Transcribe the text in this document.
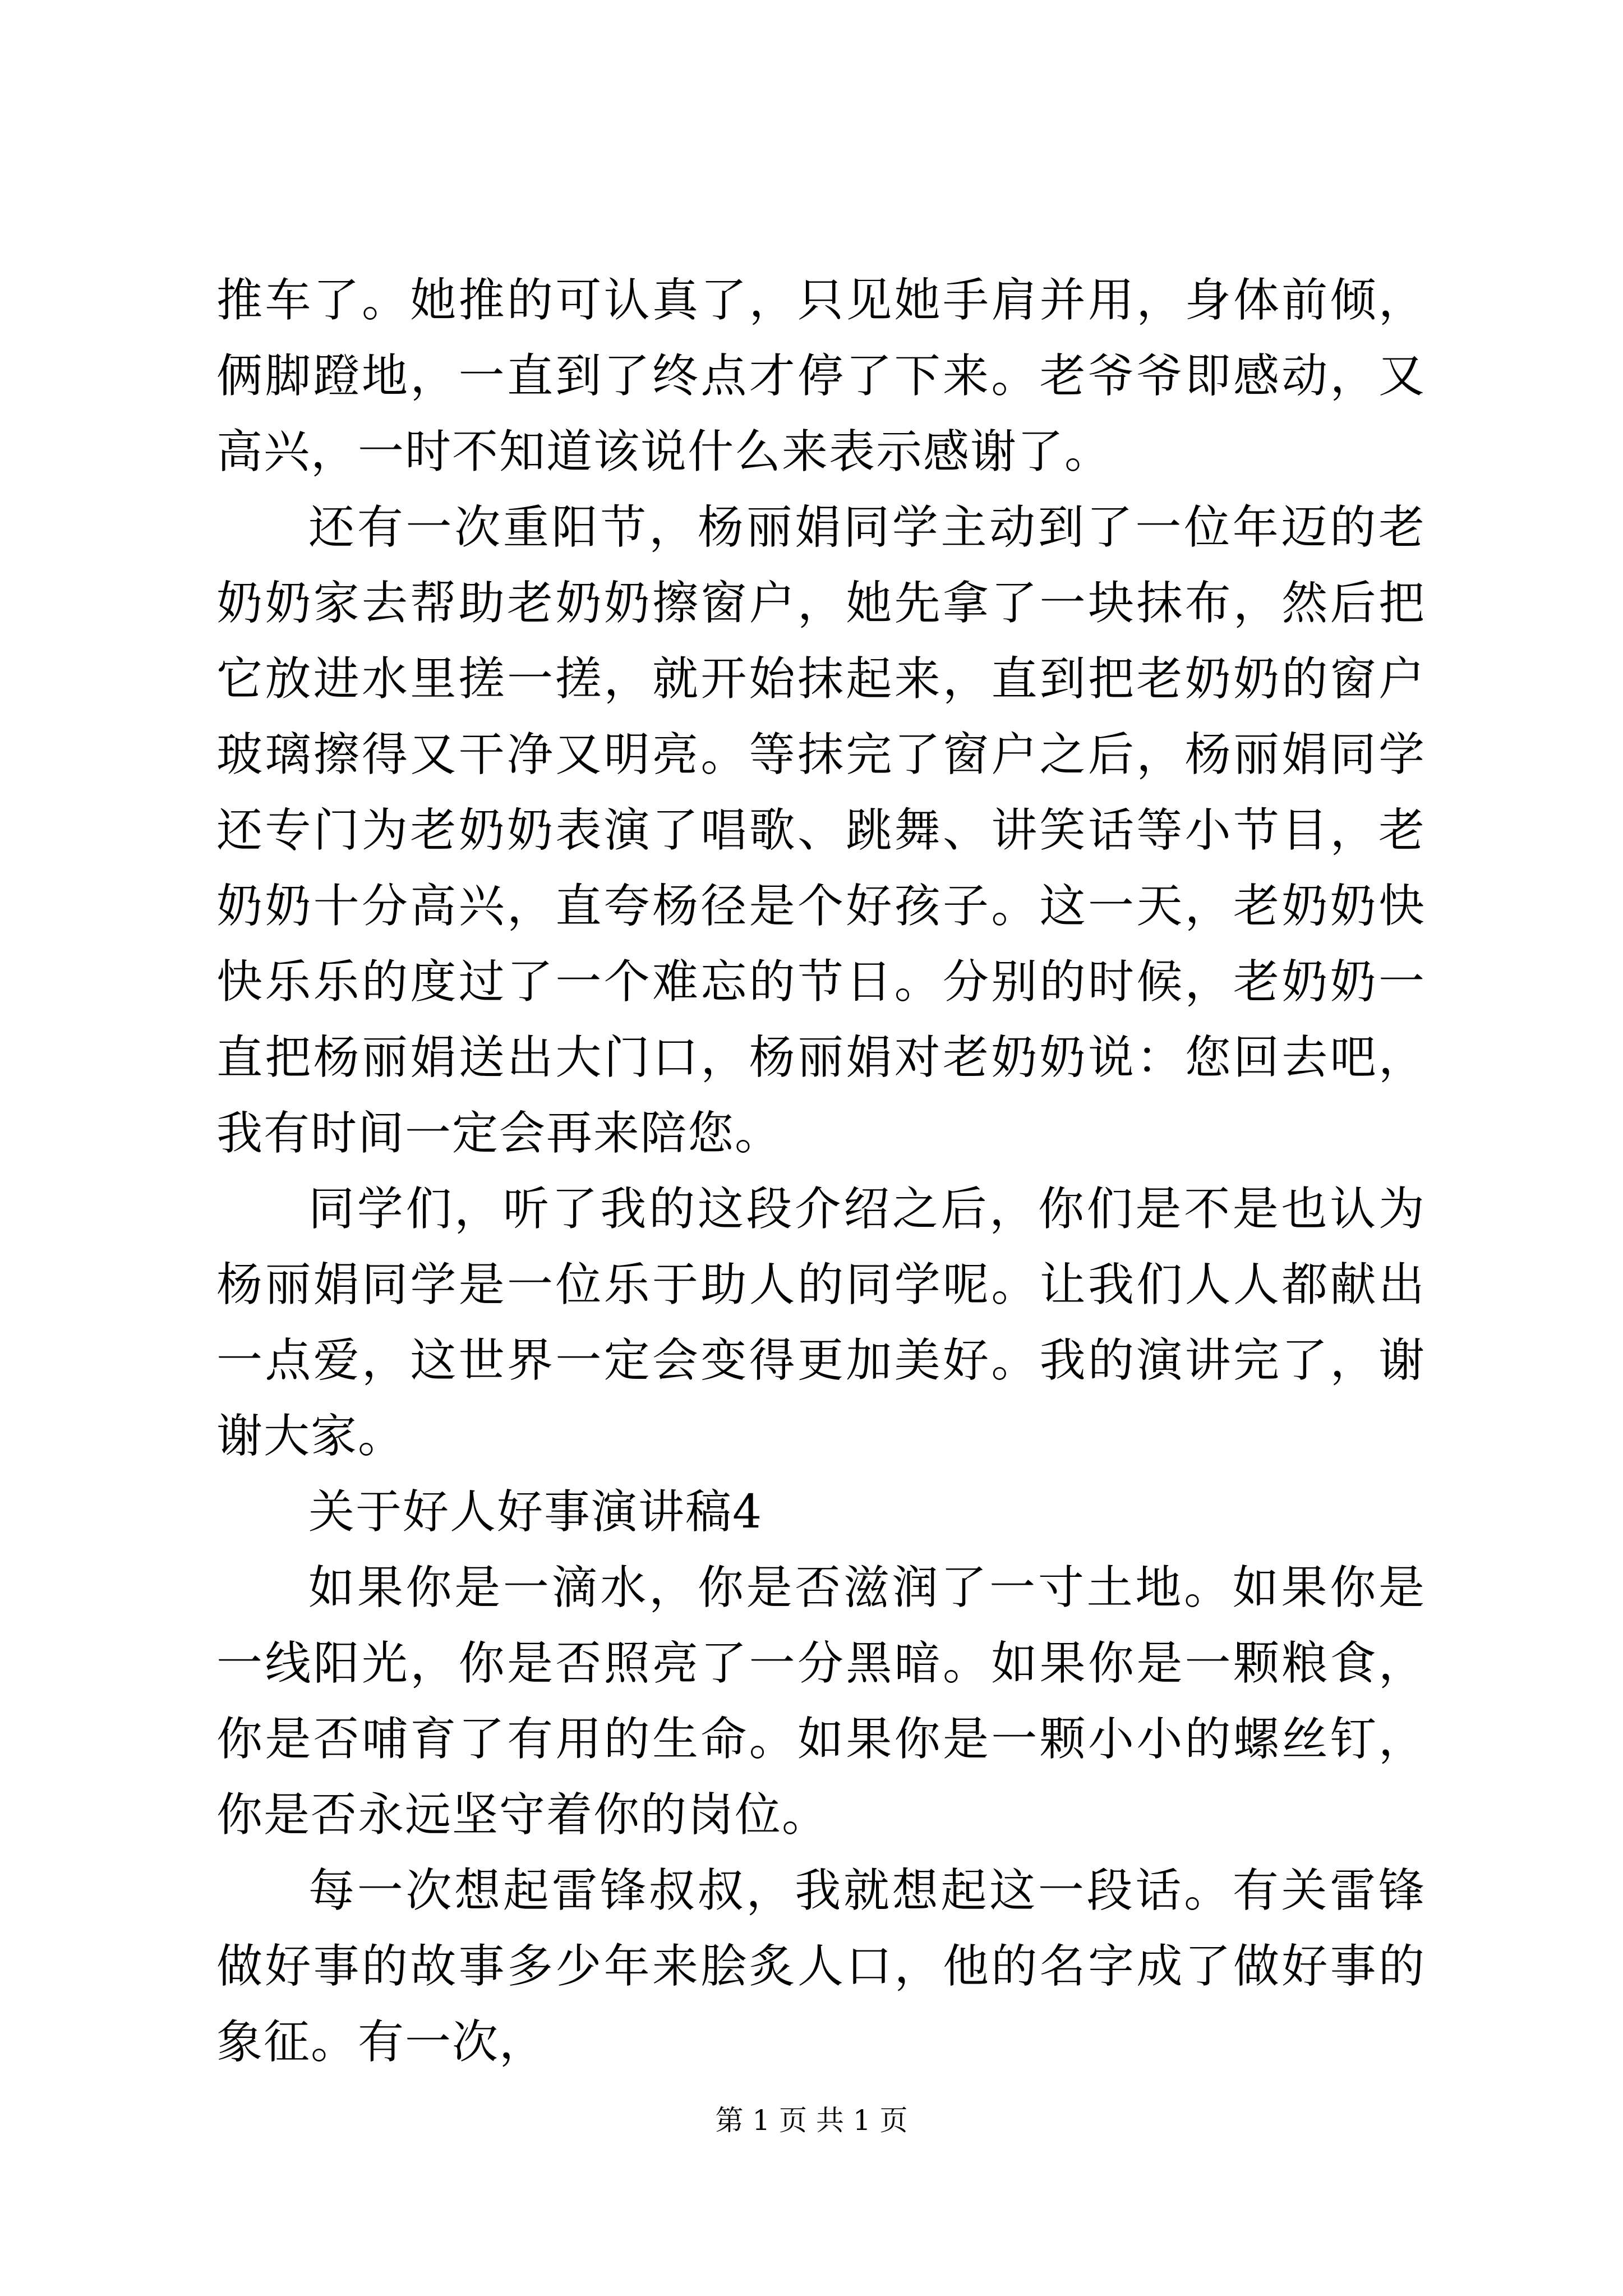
推车了。她推的可认真了，只见她手肩并用，身体前倾，俩脚蹬地，一直到了终点才停了下来。老爷爷即感动，又高兴，一时不知道该说什么来表示感谢了。

还有一次重阳节，杨丽娟同学主动到了一位年迈的老奶奶家去帮助老奶奶擦窗户，她先拿了一块抹布，然后把它放进水里搓一搓，就开始抹起来，直到把老奶奶的窗户玻璃擦得又干净又明亮。等抹完了窗户之后，杨丽娟同学还专门为老奶奶表演了唱歌、跳舞、讲笑话等小节目，老奶奶十分高兴，直夸杨径是个好孩子。这一天，老奶奶快快乐乐的度过了一个难忘的节日。分别的时候，老奶奶一直把杨丽娟送出大门口，杨丽娟对老奶奶说：您回去吧，我有时间一定会再来陪您。

同学们，听了我的这段介绍之后，你们是不是也认为杨丽娟同学是一位乐于助人的同学呢。让我们人人都献出一点爱，这世界一定会变得更加美好。我的演讲完了，谢谢大家。

关于好人好事演讲稿4

如果你是一滴水，你是否滋润了一寸土地。如果你是一线阳光，你是否照亮了一分黑暗。如果你是一颗粮食，你是否哺育了有用的生命。如果你是一颗小小的螺丝钉，你是否永远坚守着你的岗位。

每一次想起雷锋叔叔，我就想起这一段话。有关雷锋做好事的故事多少年来脍炙人口，他的名字成了做好事的象征。有一次，

第 1 页 共 1 页
